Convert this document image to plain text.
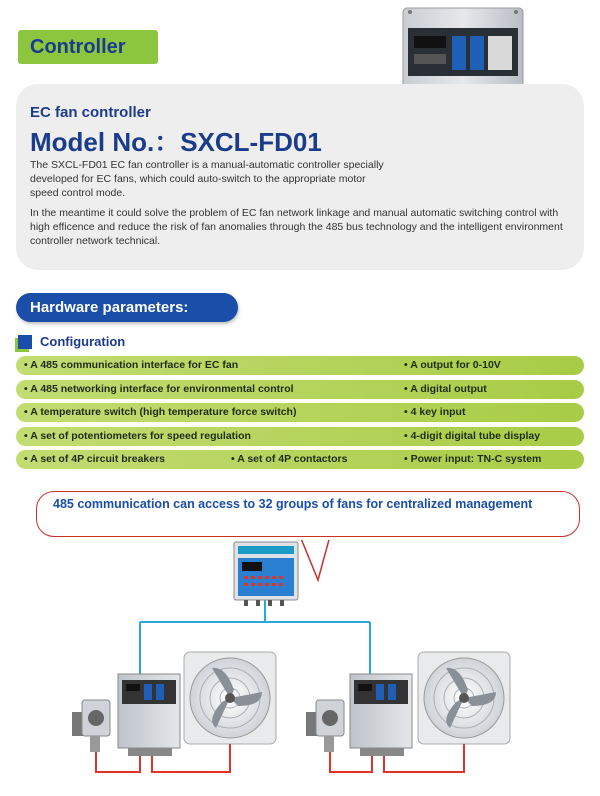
Controller
EC fan controller
Model No.：SXCL-FD01
The SXCL-FD01 EC fan controller is a manual-automatic controller specially developed for EC fans, which could auto-switch to the appropriate motor speed control mode.
In the meantime it could solve the problem of EC fan network linkage and manual automatic switching control with high efficence and reduce the risk of fan anomalies through the 485 bus technology and the intelligent environment controller network technical.
Hardware parameters:
Configuration
• A 485 communication interface for EC fan	• A output for 0-10V
• A 485 networking interface for environmental control	• A digital output
• A temperature switch (high temperature force switch)	• 4 key input
• A set of potentiometers for speed regulation	• 4-digit digital tube display
• A set of 4P circuit breakers	• A set of 4P contactors	• Power input: TN-C system
485 communication can access to 32 groups of fans for centralized management
